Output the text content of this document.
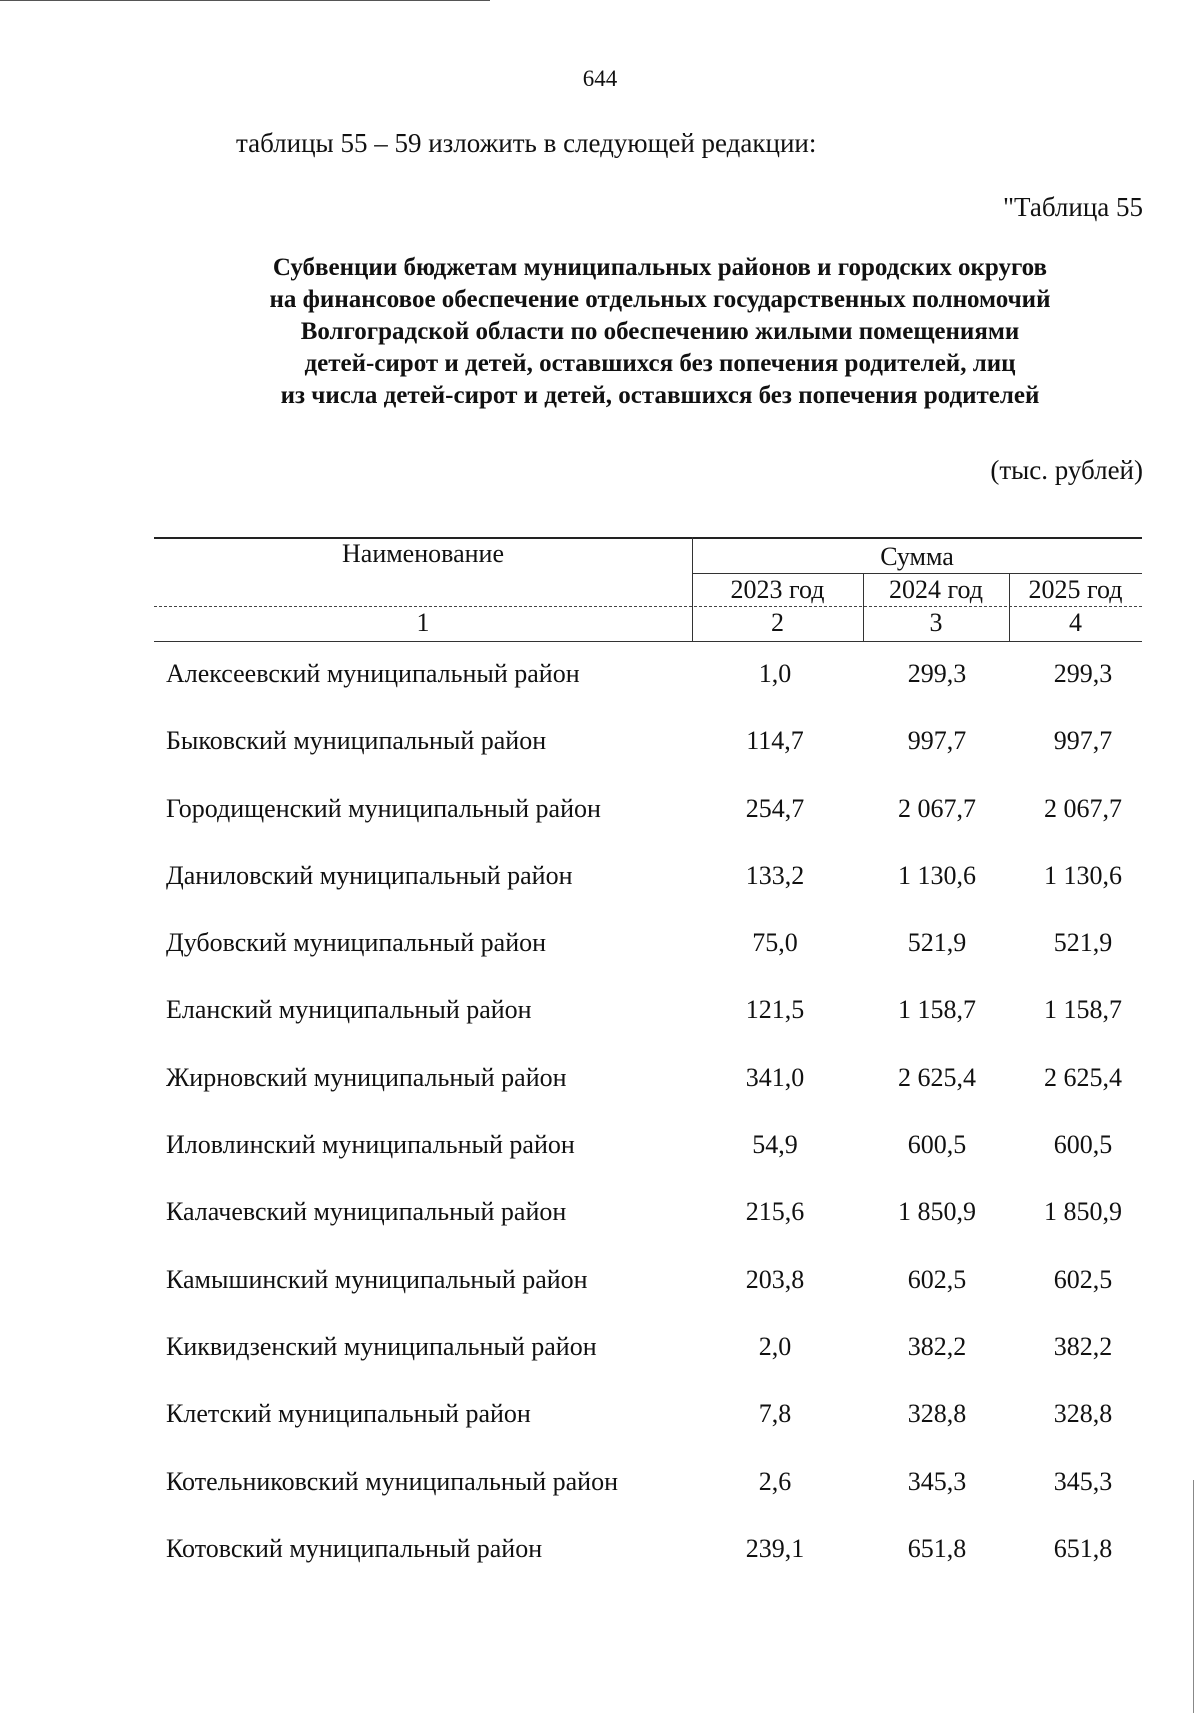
644
таблицы 55 – 59 изложить в следующей редакции:
"Таблица 55
Субвенции бюджетам муниципальных районов и городских округов
на финансовое обеспечение отдельных государственных полномочий
Волгоградской области по обеспечению жилыми помещениями
детей-сирот и детей, оставшихся без попечения родителей, лиц
из числа детей-сирот и детей, оставшихся без попечения родителей
(тыс. рублей)
Наименование	Сумма
2023 год	2024 год	2025 год
1	2	3	4
Алексеевский муниципальный район	1,0	299,3	299,3
Быковский муниципальный район	114,7	997,7	997,7
Городищенский муниципальный район	254,7	2 067,7	2 067,7
Даниловский муниципальный район	133,2	1 130,6	1 130,6
Дубовский муниципальный район	75,0	521,9	521,9
Еланский муниципальный район	121,5	1 158,7	1 158,7
Жирновский муниципальный район	341,0	2 625,4	2 625,4
Иловлинский муниципальный район	54,9	600,5	600,5
Калачевский муниципальный район	215,6	1 850,9	1 850,9
Камышинский муниципальный район	203,8	602,5	602,5
Киквидзенский муниципальный район	2,0	382,2	382,2
Клетский муниципальный район	7,8	328,8	328,8
Котельниковский муниципальный район	2,6	345,3	345,3
Котовский муниципальный район	239,1	651,8	651,8
